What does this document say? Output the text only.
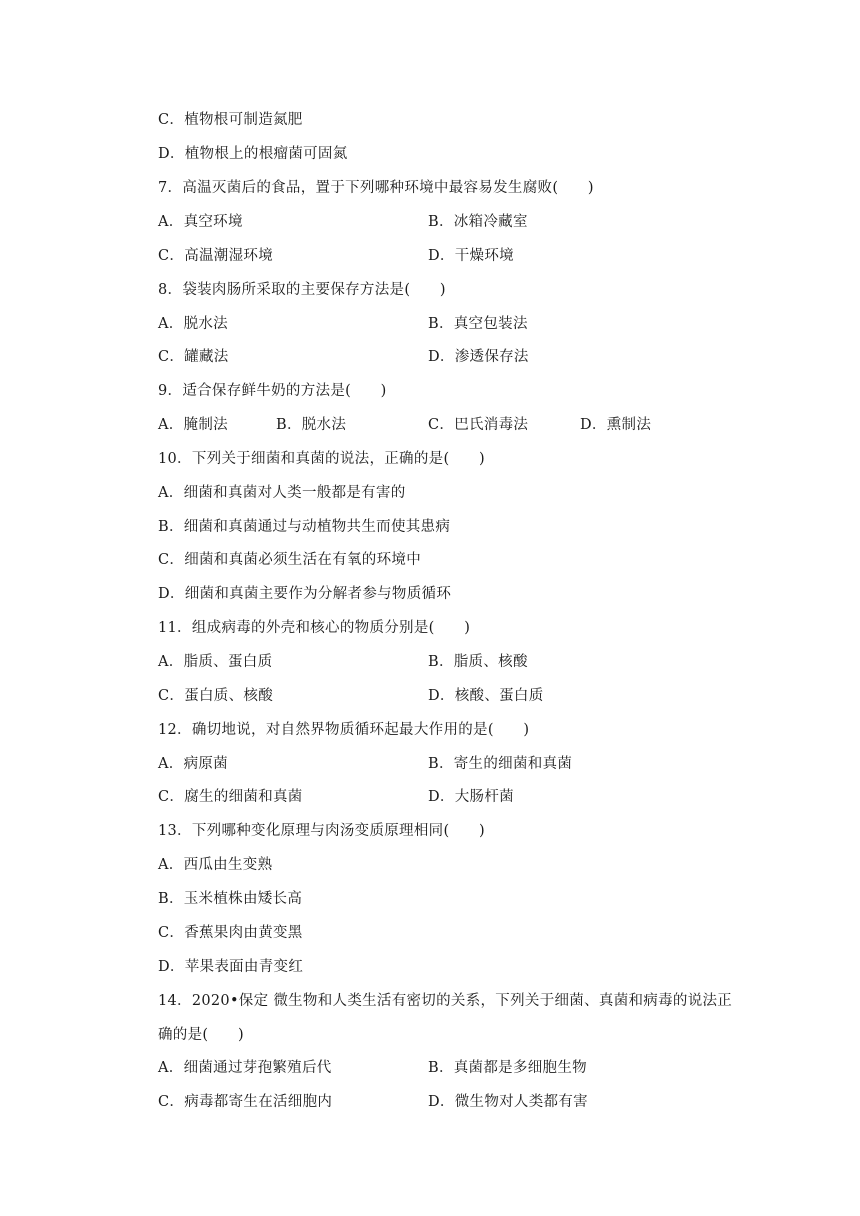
C．植物根可制造氮肥
D．植物根上的根瘤菌可固氮
7．高温灭菌后的食品，置于下列哪种环境中最容易发生腐败(　　)
A．真空环境	B．冰箱冷藏室
C．高温潮湿环境	D．干燥环境
8．袋装肉肠所采取的主要保存方法是(　　)
A．脱水法	B．真空包装法
C．罐藏法	D．渗透保存法
9．适合保存鲜牛奶的方法是(　　)
A．腌制法	B．脱水法	C．巴氏消毒法	D．熏制法
10．下列关于细菌和真菌的说法，正确的是(　　)
A．细菌和真菌对人类一般都是有害的
B．细菌和真菌通过与动植物共生而使其患病
C．细菌和真菌必须生活在有氧的环境中
D．细菌和真菌主要作为分解者参与物质循环
11．组成病毒的外壳和核心的物质分别是(　　)
A．脂质、蛋白质	B．脂质、核酸
C．蛋白质、核酸	D．核酸、蛋白质
12．确切地说，对自然界物质循环起最大作用的是(　　)
A．病原菌	B．寄生的细菌和真菌
C．腐生的细菌和真菌	D．大肠杆菌
13．下列哪种变化原理与肉汤变质原理相同(　　)
A．西瓜由生变熟
B．玉米植株由矮长高
C．香蕉果肉由黄变黑
D．苹果表面由青变红
14．2020•保定 微生物和人类生活有密切的关系，下列关于细菌、真菌和病毒的说法正
确的是(　　)
A．细菌通过芽孢繁殖后代	B．真菌都是多细胞生物
C．病毒都寄生在活细胞内	D．微生物对人类都有害
